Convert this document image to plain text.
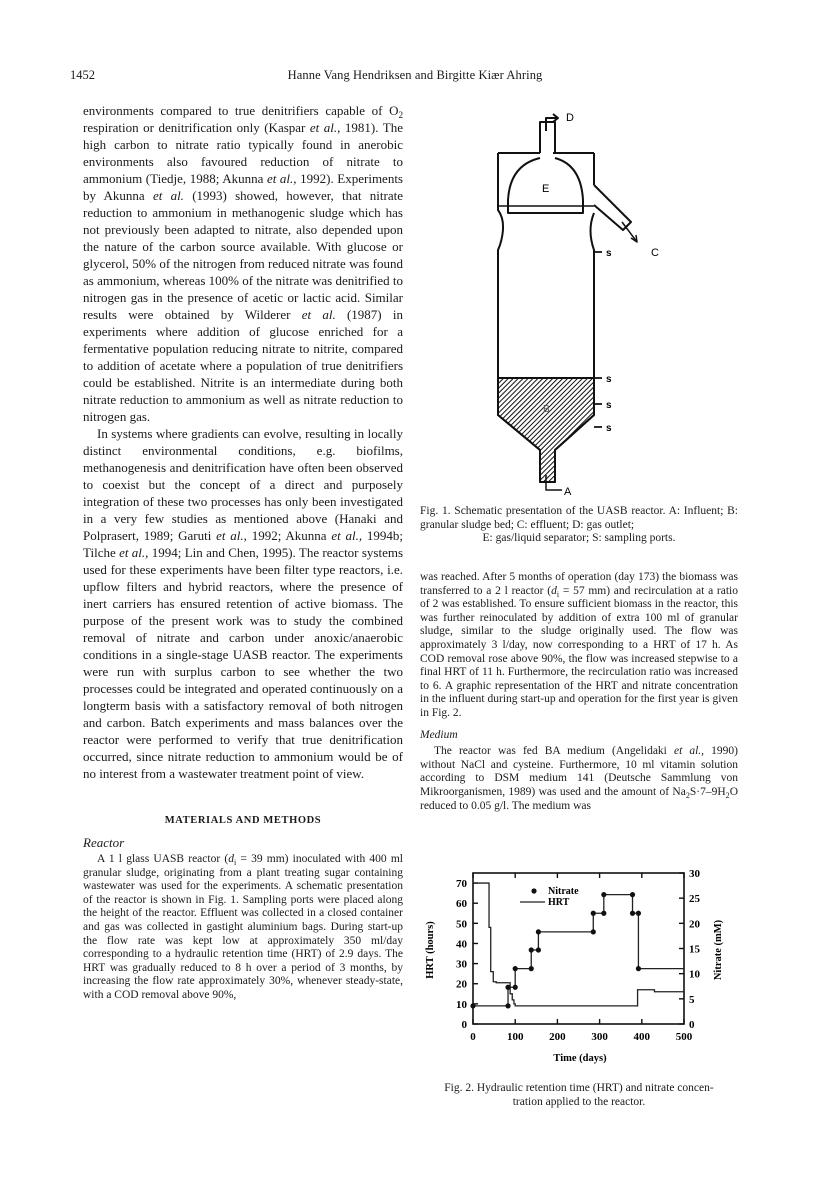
1452	Hanne Vang Hendriksen and Birgitte Kiær Ahring

environments compared to true denitrifiers capable of $O_2$ respiration or denitrification only (Kaspar et al., 1981). The high carbon to nitrate ratio typically found in anerobic environments also favoured reduction of nitrate to ammonium (Tiedje, 1988; Akunna et al., 1992). Experiments by Akunna et al. (1993) showed, however, that nitrate reduction to ammonium in methanogenic sludge which has not previously been adapted to nitrate, also depended upon the nature of the carbon source available. With glucose or glycerol, 50% of the nitrogen from reduced nitrate was found as ammonium, whereas 100% of the nitrate was denitrified to nitrogen gas in the presence of acetic or lactic acid. Similar results were obtained by Wilderer et al. (1987) in experiments where addition of glucose enriched for a fermentative population reducing nitrate to nitrite, compared to addition of acetate where a population of true denitrifiers could be established. Nitrite is an intermediate during both nitrate reduction to ammonium as well as nitrate reduction to nitrogen gas.

In systems where gradients can evolve, resulting in locally distinct environmental conditions, e.g. biofilms, methanogenesis and denitrification have often been observed to coexist but the concept of a direct and purposely integration of these two processes has only been investigated in a very few studies as mentioned above (Hanaki and Polprasert, 1989; Garuti et al., 1992; Akunna et al., 1994b; Tilche et al., 1994; Lin and Chen, 1995). The reactor systems used for these experiments have been filter type reactors, i.e. upflow filters and hybrid reactors, where the presence of inert carriers has ensured retention of active biomass. The purpose of the present work was to study the combined removal of nitrate and carbon under anoxic/anaerobic conditions in a single-stage UASB reactor. The experiments were run with surplus carbon to see whether the two processes could be integrated and operated continuously on a longterm basis with a satisfactory removal of both nitrogen and carbon. Batch experiments and mass balances over the reactor were performed to verify that true denitrification occurred, since nitrate reduction to ammonium would be of no interest from a wastewater treatment point of view.

MATERIALS AND METHODS

Reactor

A 1 l glass UASB reactor ($d_i = 39$ mm) inoculated with 400 ml granular sludge, originating from a plant treating sugar containing wastewater was used for the experiments. A schematic presentation of the reactor is shown in Fig. 1. Sampling ports were placed along the height of the reactor. Effluent was collected in a closed container and gas was collected in gastight aluminium bags. During start-up the flow rate was kept low at approximately 350 ml/day corresponding to a hydraulic retention time (HRT) of 2.9 days. The HRT was gradually reduced to 8 h over a period of 3 months, by increasing the flow rate approximately 30%, whenever steady-state, with a COD removal above 90%,

E
D
C
B
A
s
s
s
s
Fig. 1. Schematic presentation of the UASB reactor. A: Influent; B: granular sludge bed; C: effluent; D: gas outlet;
E: gas/liquid separator; S: sampling ports.

was reached. After 5 months of operation (day 173) the biomass was transferred to a 2 l reactor ($d_i = 57$ mm) and recirculation at a ratio of 2 was established. To ensure sufficient biomass in the reactor, this was further reinoculated by addition of extra 100 ml of granular sludge, similar to the sludge originally used. The flow was approximately 3 l/day, now corresponding to a HRT of 17 h. As COD removal rose above 90%, the flow was increased stepwise to a final HRT of 11 h. Furthermore, the recirculation ratio was increased to 6. A graphic representation of the HRT and nitrate concentration in the influent during start-up and operation for the first year is given in Fig. 2.

Medium

The reactor was fed BA medium (Angelidaki et al., 1990) without NaCl and cysteine. Furthermore, 10 ml vitamin solution according to DSM medium 141 (Deutsche Sammlung von Mikroorganismen, 1989) was used and the amount of $Na_2S\cdot 7-9H_2O$ reduced to 0.05 g/l. The medium was

0	100 200 300 400 500
0
10
20
30
40
50
60
70
0
5
10
15
20
25
30
Time (days)
HRT (hours)	Nitrate (mM)
Nitrate
HRT
Fig. 2. Hydraulic retention time (HRT) and nitrate concen-
tration applied to the reactor.
